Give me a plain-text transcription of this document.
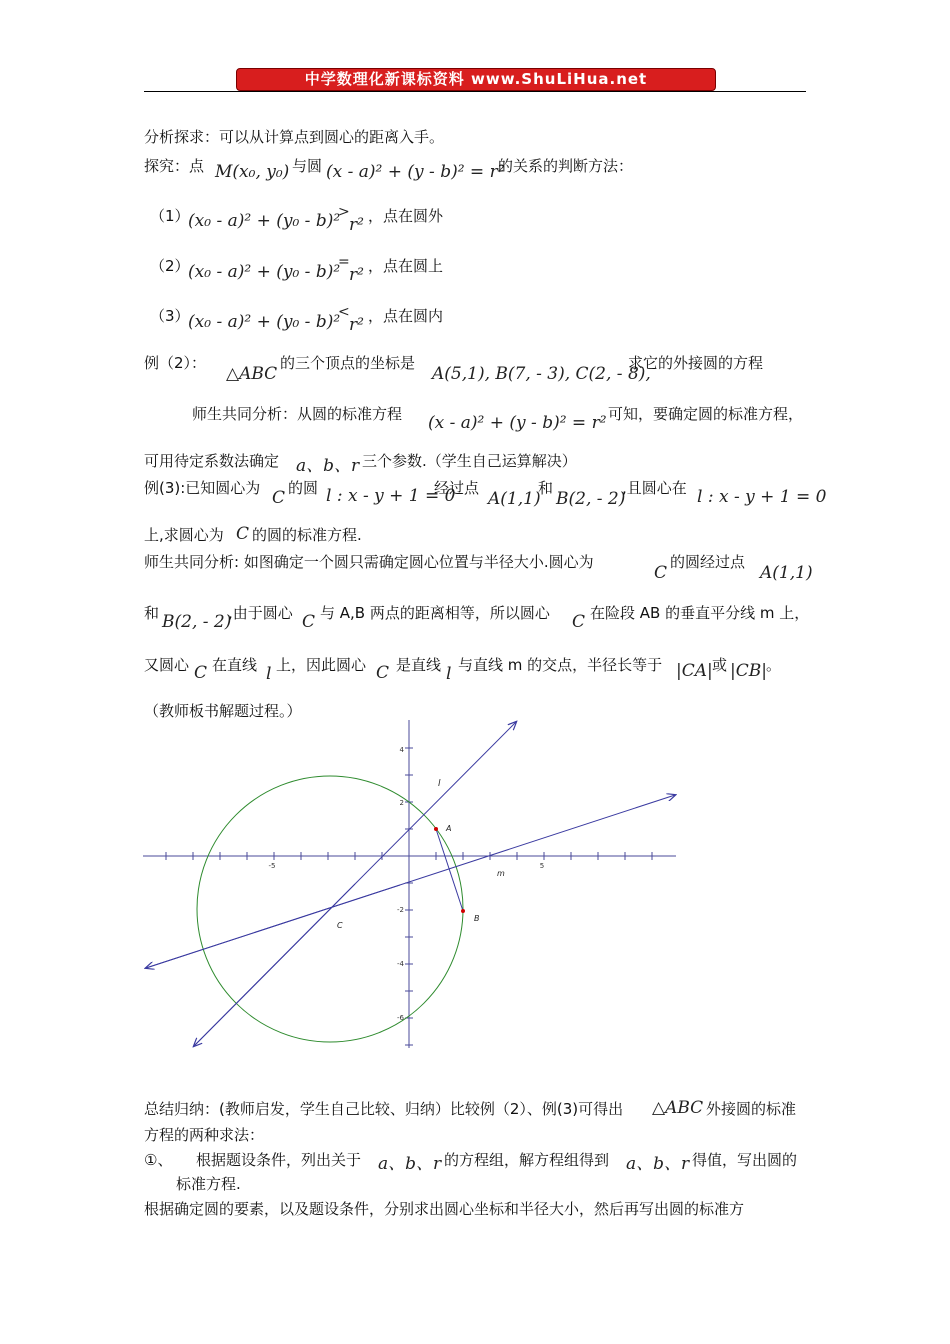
中学数理化新课标资料 www.ShuLiHua.net
分析探求：可以从计算点到圆心的距离入手。
探究：点 M(x₀, y₀) 与圆 (x - a)² + (y - b)² = r²
的关系的判断方法：
（1）
(x₀ - a)² + (y₀ - b)²
>
r² ，点在圆外
（2）
(x₀ - a)² + (y₀ - b)²
=
r² ，点在圆上
（3）
(x₀ - a)² + (y₀ - b)²
<
r² ，点在圆内
例（2）：
△ABC
的三个顶点的坐标是
A(5,1), B(7, - 3), C(2, - 8),
求它的外接圆的方程
师生共同分析：从圆的标准方程 (x - a)² + (y - b)² = r² 可知，要确定圆的标准方程，
可用待定系数法确定 a、b、r 三个参数.（学生自己运算解决）
例(3):已知圆心为 C 的圆 l : x - y + 1 = 0
经过点
A(1,1)
和
B(2, - 2)
,且圆心在 l : x - y + 1 = 0
上,求圆心为 C 的圆的标准方程.
师生共同分析: 如图确定一个圆只需确定圆心位置与半径大小.圆心为
C
的圆经过点
A(1,1)
和 B(2, - 2)
,由于圆心 C 与 A,B 两点的距离相等，所以圆心 C 在险段 AB 的垂直平分线 m 上，
又圆心 C 在直线 l 上，因此圆心 C 是直线 l 与直线 m 的交点，半径长等于 |CA| 或 |CB| 。
（教师板书解题过程。）
-5	5
4
2
-2
-4
-6
l
A
B
C
m
总结归纳：(教师启发，学生自己比较、归纳）比较例（2）、例(3)可得出 △ABC 外接圆的标准
方程的两种求法：
①、 根据题设条件，列出关于 a、b、r 的方程组，解方程组得到 a、b、r 得值，写出圆的
标准方程.
根据确定圆的要素，以及题设条件，分别求出圆心坐标和半径大小，然后再写出圆的标准方
